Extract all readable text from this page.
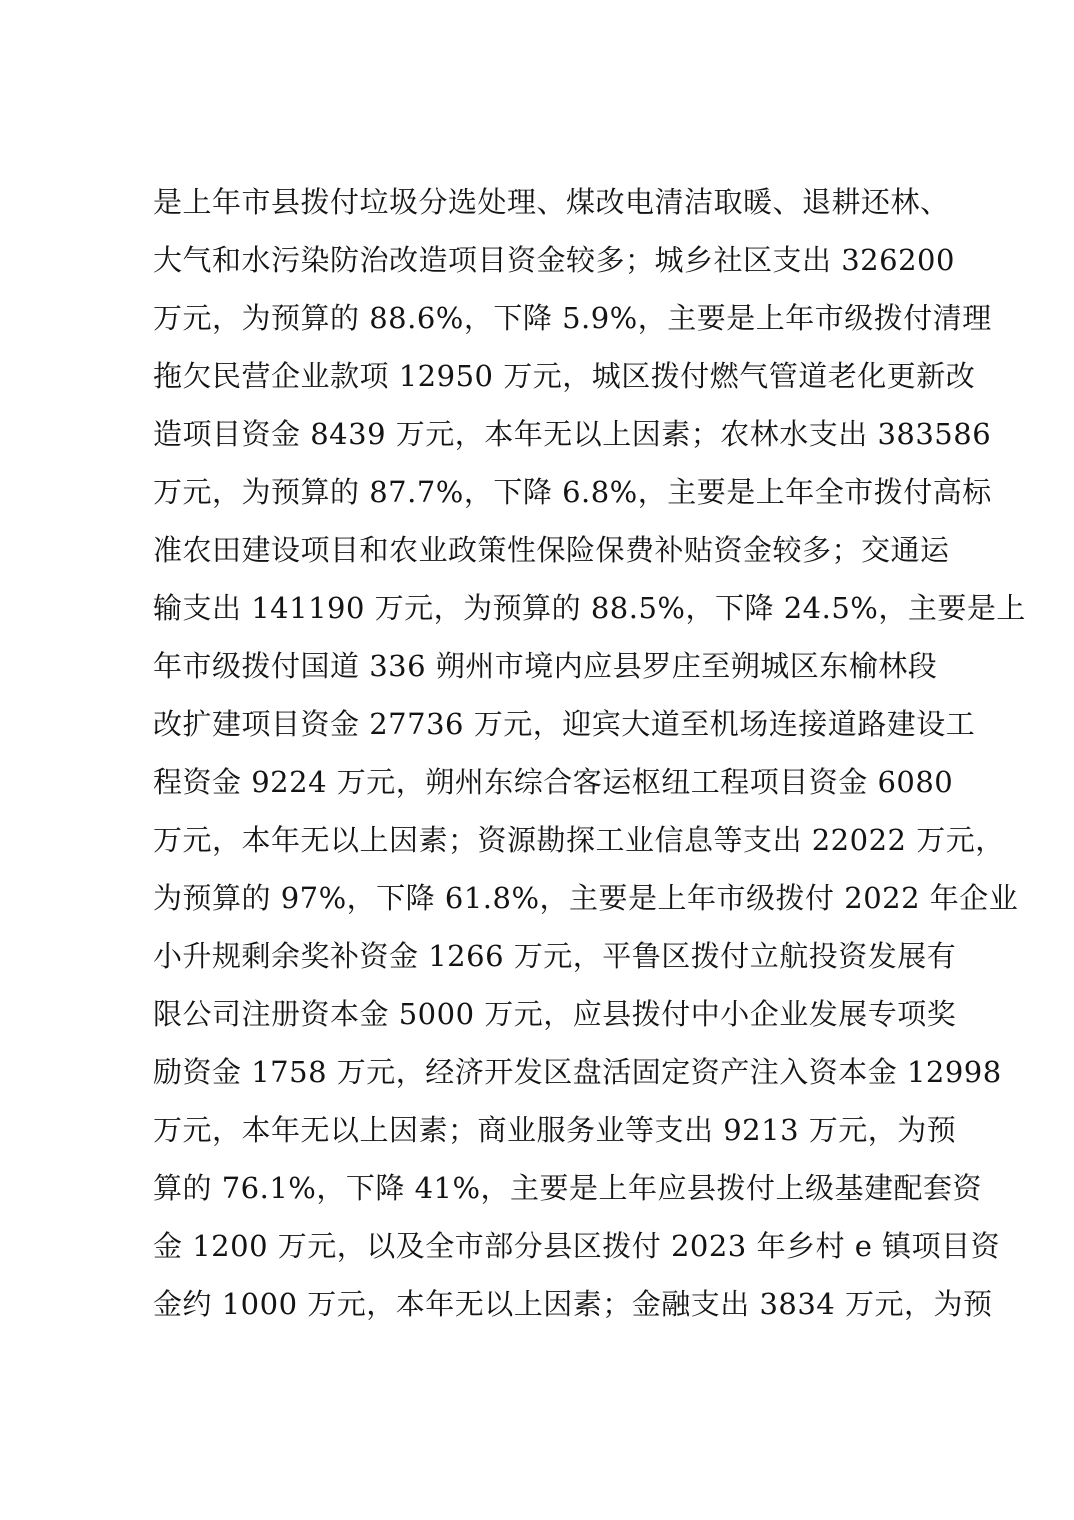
是上年市县拨付垃圾分选处理、煤改电清洁取暖、退耕还林、
大气和水污染防治改造项目资金较多；城乡社区支出 326200
万元，为预算的 88.6%，下降 5.9%，主要是上年市级拨付清理
拖欠民营企业款项 12950 万元，城区拨付燃气管道老化更新改
造项目资金 8439 万元，本年无以上因素；农林水支出 383586
万元，为预算的 87.7%，下降 6.8%，主要是上年全市拨付高标
准农田建设项目和农业政策性保险保费补贴资金较多；交通运
输支出 141190 万元，为预算的 88.5%，下降 24.5%，主要是上
年市级拨付国道 336 朔州市境内应县罗庄至朔城区东榆林段
改扩建项目资金 27736 万元，迎宾大道至机场连接道路建设工
程资金 9224 万元，朔州东综合客运枢纽工程项目资金 6080
万元，本年无以上因素；资源勘探工业信息等支出 22022 万元，
为预算的 97%，下降 61.8%，主要是上年市级拨付 2022 年企业
小升规剩余奖补资金 1266 万元，平鲁区拨付立航投资发展有
限公司注册资本金 5000 万元，应县拨付中小企业发展专项奖
励资金 1758 万元，经济开发区盘活固定资产注入资本金 12998
万元，本年无以上因素；商业服务业等支出 9213 万元，为预
算的 76.1%，下降 41%，主要是上年应县拨付上级基建配套资
金 1200 万元，以及全市部分县区拨付 2023 年乡村 e 镇项目资
金约 1000 万元，本年无以上因素；金融支出 3834 万元，为预
